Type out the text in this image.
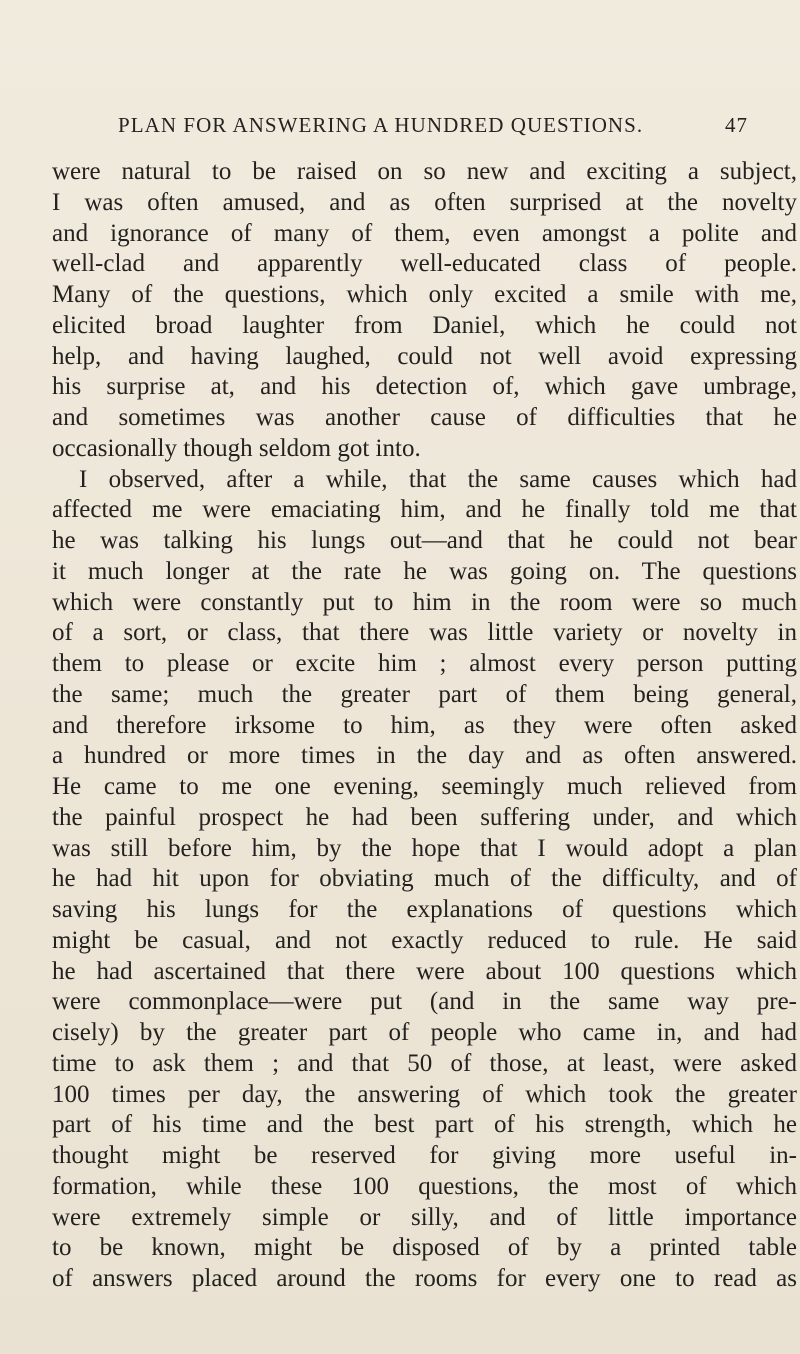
PLAN FOR ANSWERING A HUNDRED QUESTIONS.	47
were natural to be raised on so new and exciting a subject,
I was often amused, and as often surprised at the novelty
and ignorance of many of them, even amongst a polite and
well-clad and apparently well-educated class of people.
Many of the questions, which only excited a smile with me,
elicited broad laughter from Daniel, which he could not
help, and having laughed, could not well avoid expressing
his surprise at, and his detection of, which gave umbrage,
and sometimes was another cause of difficulties that he
occasionally though seldom got into.
I observed, after a while, that the same causes which had
affected me were emaciating him, and he finally told me that
he was talking his lungs out—and that he could not bear
it much longer at the rate he was going on. The questions
which were constantly put to him in the room were so much
of a sort, or class, that there was little variety or novelty in
them to please or excite him ; almost every person putting
the same; much the greater part of them being general,
and therefore irksome to him, as they were often asked
a hundred or more times in the day and as often answered.
He came to me one evening, seemingly much relieved from
the painful prospect he had been suffering under, and which
was still before him, by the hope that I would adopt a plan
he had hit upon for obviating much of the difficulty, and of
saving his lungs for the explanations of questions which
might be casual, and not exactly reduced to rule. He said
he had ascertained that there were about 100 questions which
were commonplace—were put (and in the same way pre-
cisely) by the greater part of people who came in, and had
time to ask them ; and that 50 of those, at least, were asked
100 times per day, the answering of which took the greater
part of his time and the best part of his strength, which he
thought might be reserved for giving more useful in-
formation, while these 100 questions, the most of which
were extremely simple or silly, and of little importance
to be known, might be disposed of by a printed table
of answers placed around the rooms for every one to read as
